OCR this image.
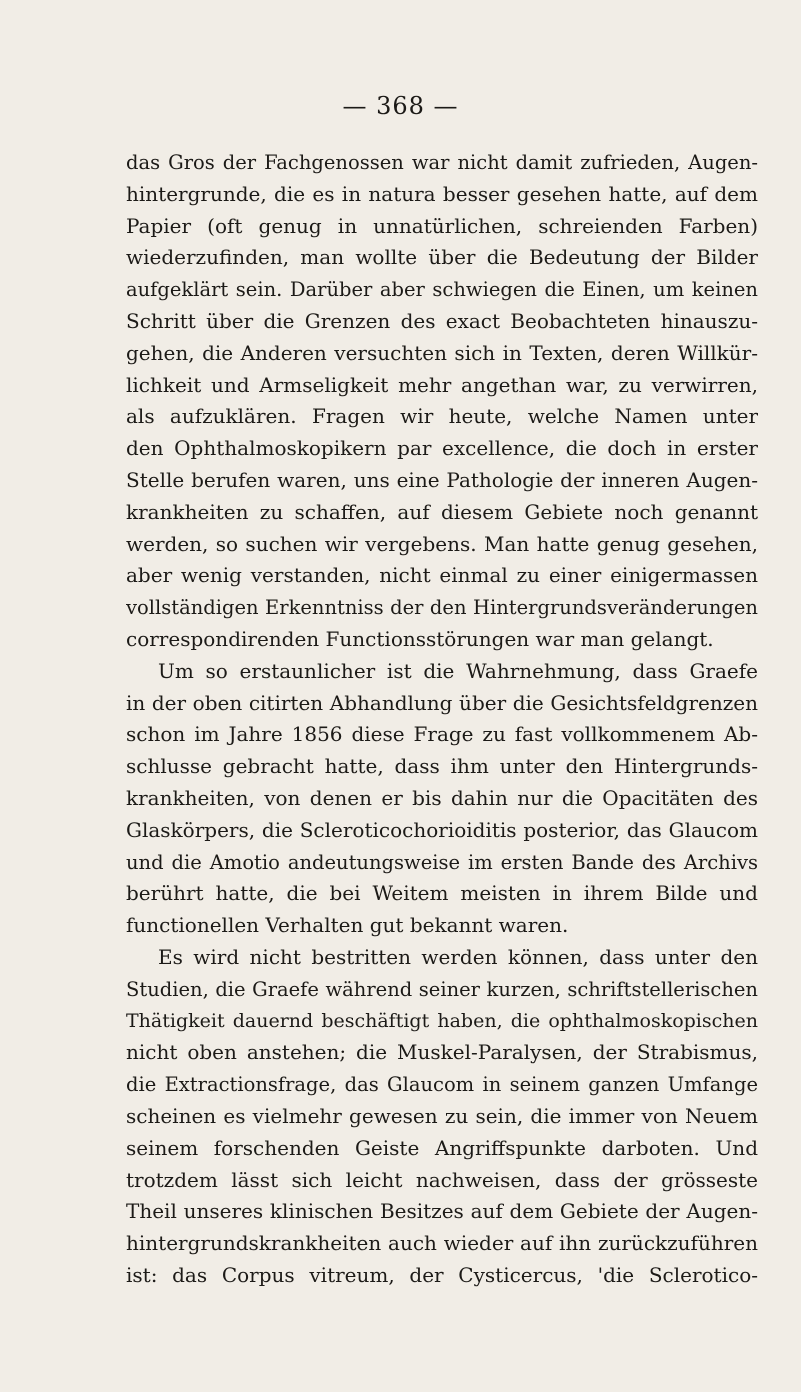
— 368 —
das Gros der Fachgenossen war nicht damit zufrieden, Augen-
hintergrunde, die es in natura besser gesehen hatte, auf dem
Papier (oft genug in unnatürlichen, schreienden Farben)
wiederzufinden, man wollte über die Bedeutung der Bilder
aufgeklärt sein. Darüber aber schwiegen die Einen, um keinen
Schritt über die Grenzen des exact Beobachteten hinauszu-
gehen, die Anderen versuchten sich in Texten, deren Willkür-
lichkeit und Armseligkeit mehr angethan war, zu verwirren,
als aufzuklären. Fragen wir heute, welche Namen unter
den Ophthalmoskopikern par excellence, die doch in erster
Stelle berufen waren, uns eine Pathologie der inneren Augen-
krankheiten zu schaffen, auf diesem Gebiete noch genannt
werden, so suchen wir vergebens. Man hatte genug gesehen,
aber wenig verstanden, nicht einmal zu einer einigermassen
vollständigen Erkenntniss der den Hintergrundsveränderungen
correspondirenden Functionsstörungen war man gelangt.
Um so erstaunlicher ist die Wahrnehmung, dass Graefe
in der oben citirten Abhandlung über die Gesichtsfeldgrenzen
schon im Jahre 1856 diese Frage zu fast vollkommenem Ab-
schlusse gebracht hatte, dass ihm unter den Hintergrunds-
krankheiten, von denen er bis dahin nur die Opacitäten des
Glaskörpers, die Scleroticochorioiditis posterior, das Glaucom
und die Amotio andeutungsweise im ersten Bande des Archivs
berührt hatte, die bei Weitem meisten in ihrem Bilde und
functionellen Verhalten gut bekannt waren.
Es wird nicht bestritten werden können, dass unter den
Studien, die Graefe während seiner kurzen, schriftstellerischen
Thätigkeit dauernd beschäftigt haben, die ophthalmoskopischen
nicht oben anstehen; die Muskel-Paralysen, der Strabismus,
die Extractionsfrage, das Glaucom in seinem ganzen Umfange
scheinen es vielmehr gewesen zu sein, die immer von Neuem
seinem forschenden Geiste Angriffspunkte darboten. Und
trotzdem lässt sich leicht nachweisen, dass der grösseste
Theil unseres klinischen Besitzes auf dem Gebiete der Augen-
hintergrundskrankheiten auch wieder auf ihn zurückzuführen
ist: das Corpus vitreum, der Cysticercus, 'die Sclerotico-
